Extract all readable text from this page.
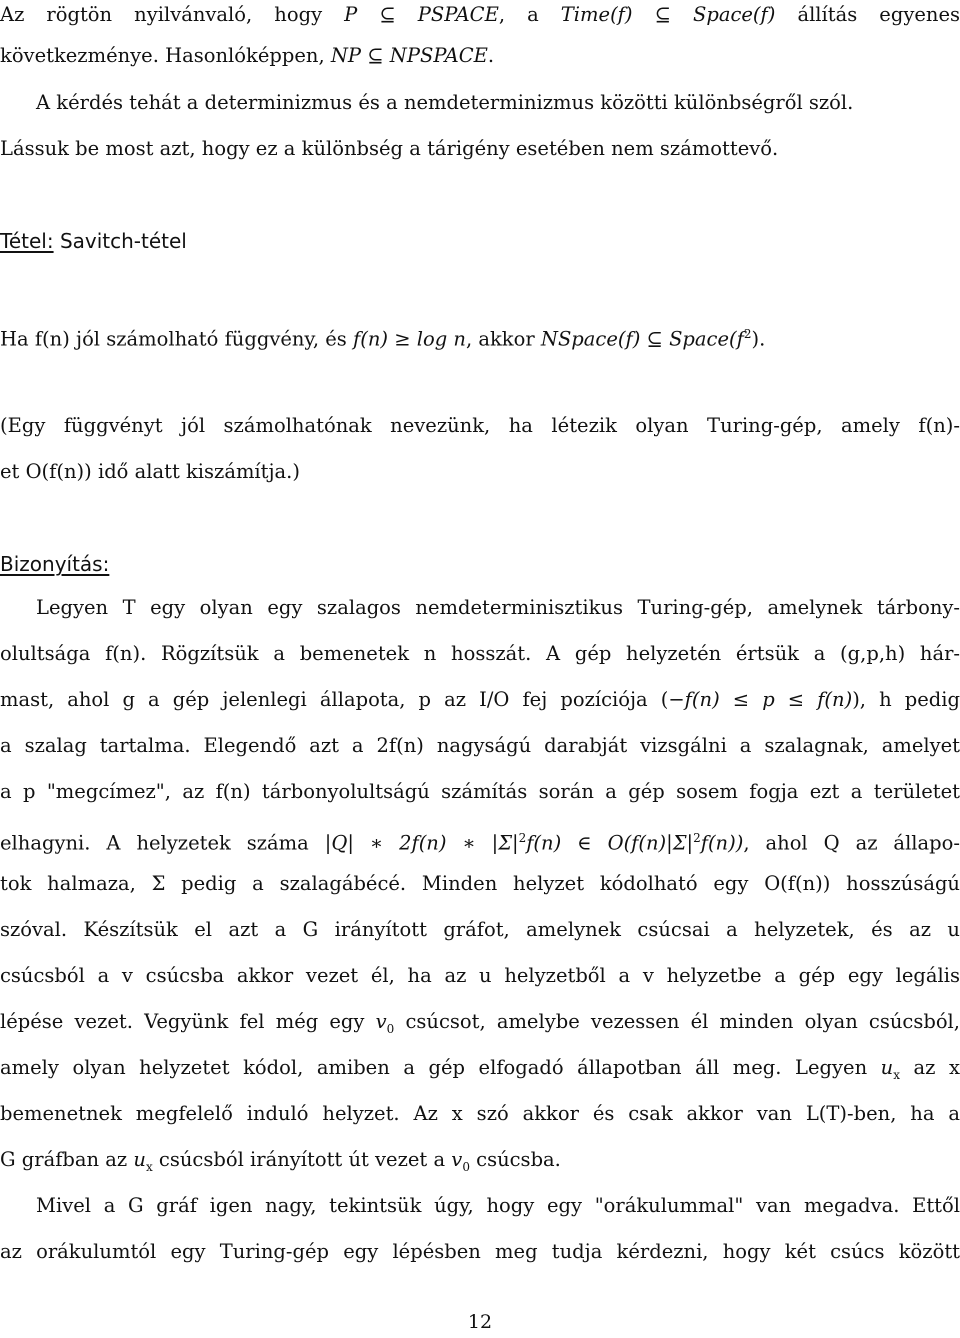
Az rögtön nyilvánvaló, hogy P ⊆ PSPACE, a Time(f) ⊆ Space(f) állítás egyenes
következménye. Hasonlóképpen, NP ⊆ NPSPACE.
A kérdés tehát a determinizmus és a nemdeterminizmus közötti különbségről szól.
Lássuk be most azt, hogy ez a különbség a tárigény esetében nem számottevő.
Tétel: Savitch-tétel
Ha f(n) jól számolható függvény, és f(n) ≥ log n, akkor NSpace(f) ⊆ $Space(f^2)$.
(Egy függvényt jól számolhatónak nevezünk, ha létezik olyan Turing-gép, amely f(n)-
et O(f(n)) idő alatt kiszámítja.)
Bizonyítás:
Legyen T egy olyan egy szalagos nemdeterminisztikus Turing-gép, amelynek tárbony-
olultsága f(n). Rögzítsük a bemenetek n hosszát. A gép helyzetén értsük a (g,p,h) hár-
mast, ahol g a gép jelenlegi állapota, p az I/O fej pozíciója (−f(n) ≤ p ≤ f(n)), h pedig
a szalag tartalma. Elegendő azt a 2f(n) nagyságú darabját vizsgálni a szalagnak, amelyet
a p "megcímez", az f(n) tárbonyolultságú számítás során a gép sosem fogja ezt a területet
elhagyni. A helyzetek száma |Q| ∗ 2f(n) ∗ $|\Sigma|^2f(n)$ ∈ $O(f(n)|\Sigma|^2f(n))$, ahol Q az állapo-
tok halmaza, Σ pedig a szalagábécé. Minden helyzet kódolható egy O(f(n)) hosszúságú
szóval. Készítsük el azt a G irányított gráfot, amelynek csúcsai a helyzetek, és az u
csúcsból a v csúcsba akkor vezet él, ha az u helyzetből a v helyzetbe a gép egy legális
lépése vezet. Vegyünk fel még egy $v_0$ csúcsot, amelybe vezessen él minden olyan csúcsból,
amely olyan helyzetet kódol, amiben a gép elfogadó állapotban áll meg. Legyen $u_x$ az x
bemenetnek megfelelő induló helyzet. Az x szó akkor és csak akkor van L(T)-ben, ha a
G gráfban az $u_x$ csúcsból irányított út vezet a $v_0$ csúcsba.
Mivel a G gráf igen nagy, tekintsük úgy, hogy egy "orákulummal" van megadva. Ettől
az orákulumtól egy Turing-gép egy lépésben meg tudja kérdezni, hogy két csúcs között
12
